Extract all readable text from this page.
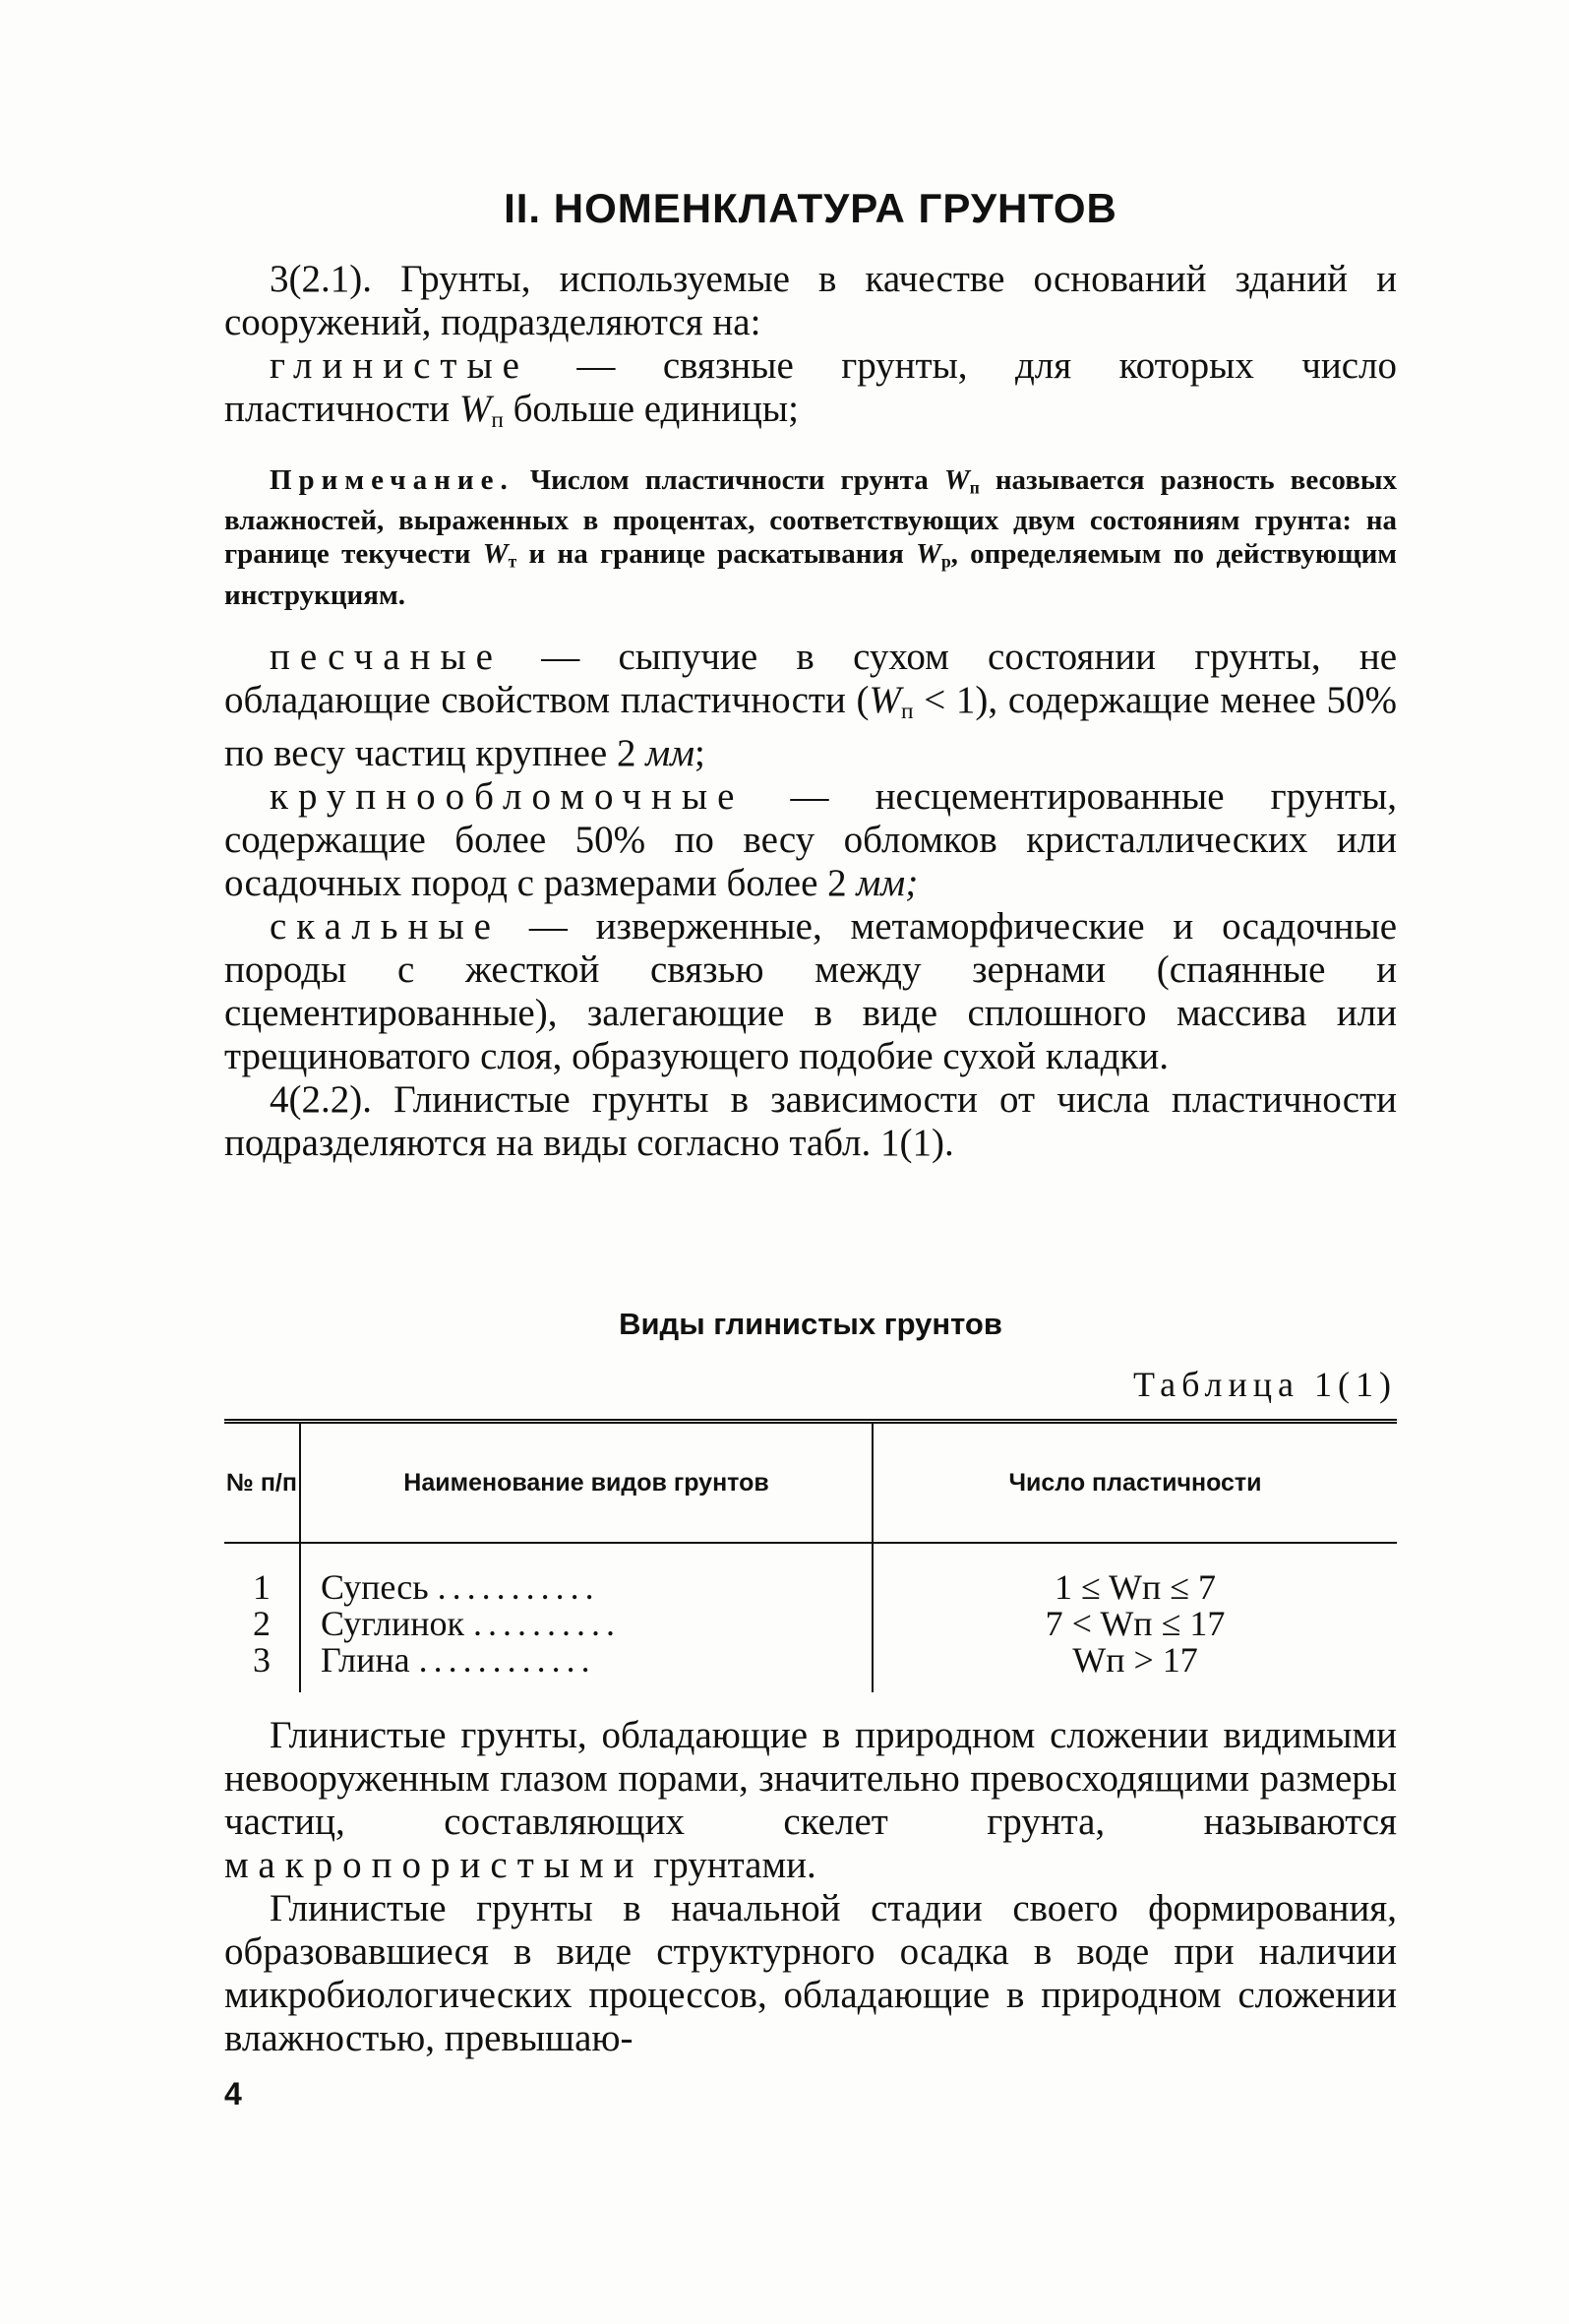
II. НОМЕНКЛАТУРА ГРУНТОВ

3(2.1). Грунты, используемые в качестве оснований зданий и сооружений, подразделяются на:

глинистые — связные грунты, для которых число пластичности $W_п$ больше единицы;

Примечание. Числом пластичности грунта $W_п$ называется разность весовых влажностей, выраженных в процентах, соответствующих двум состояниям грунта: на границе текучести $W_т$ и на границе раскатывания $W_р$, определяемым по действующим инструкциям.

песчаные — сыпучие в сухом состоянии грунты, не обладающие свойством пластичности $(W_п < 1)$, содержащие менее 50% по весу частиц крупнее 2 мм;

крупнообломочные — несцементированные грунты, содержащие более 50% по весу обломков кристаллических или осадочных пород с размерами более 2 мм;

скальные — изверженные, метаморфические и осадочные породы с жесткой связью между зернами (спаянные и сцементированные), залегающие в виде сплошного массива или трещиноватого слоя, образующего подобие сухой кладки.

4(2.2). Глинистые грунты в зависимости от числа пластичности подразделяются на виды согласно табл. 1(1).

Виды глинистых грунтов
Таблица 1(1)
№ п/п	Наименование видов грунтов	Число пластичности
1	Супесь ...........	1 ≤ Wп ≤ 7
2	Суглинок ..........	7 < Wп ≤ 17
3	Глина ............	Wп > 17

Глинистые грунты, обладающие в природном сложении видимыми невооруженным глазом порами, значительно превосходящими размеры частиц, составляющих скелет грунта, называются макропористыми грунтами.

Глинистые грунты в начальной стадии своего формирования, образовавшиеся в виде структурного осадка в воде при наличии микробиологических процессов, обладающие в природном сложении влажностью, превышаю-

4
